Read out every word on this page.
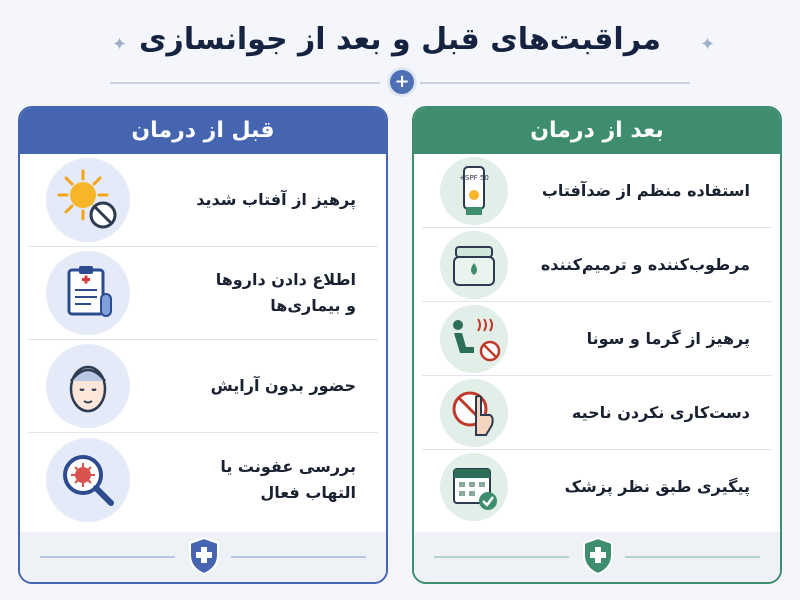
✦ مراقبت‌های قبل و بعد از جوانسازی	✦
+
قبل از درمان
پرهیز از آفتاب شدید
اطلاع دادن داروها
و بیماری‌ها
حضور بدون آرایش
بررسی عفونت یا
التهاب فعال
بعد از درمان
استفاده منظم از ضدآفتاب
SPF 50+
مرطوب‌کننده و ترمیم‌کننده
پرهیز از گرما و سونا
دست‌کاری نکردن ناحیه
پیگیری طبق نظر پزشک
